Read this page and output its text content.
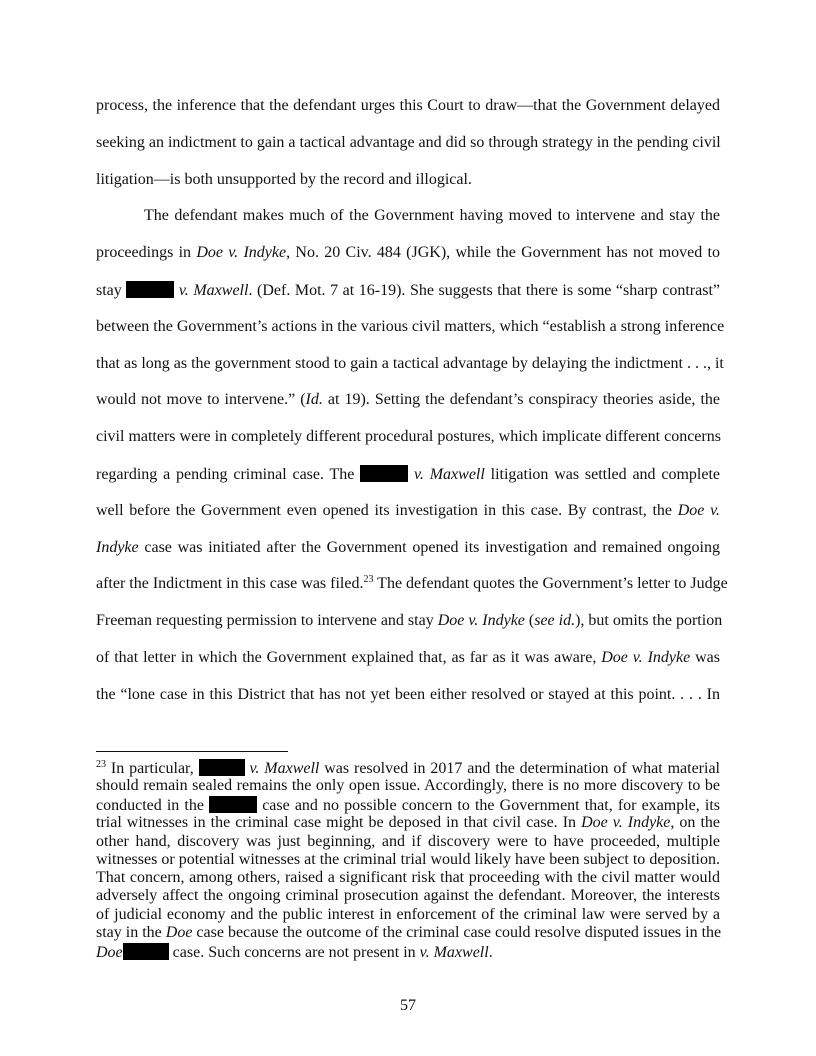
process, the inference that the defendant urges this Court to draw—that the Government delayed
seeking an indictment to gain a tactical advantage and did so through strategy in the pending civil
litigation—is both unsupported by the record and illogical.
The defendant makes much of the Government having moved to intervene and stay the
proceedings in Doe v. Indyke, No. 20 Civ. 484 (JGK), while the Government has not moved to
stay	v. Maxwell. (Def. Mot. 7 at 16-19). She suggests that there is some “sharp contrast”
between the Government’s actions in the various civil matters, which “establish a strong inference
that as long as the government stood to gain a tactical advantage by delaying the indictment . . ., it
would not move to intervene.” (Id. at 19). Setting the defendant’s conspiracy theories aside, the
civil matters were in completely different procedural postures, which implicate different concerns
regarding a pending criminal case. The	v. Maxwell litigation was settled and complete
well before the Government even opened its investigation in this case. By contrast, the Doe v.
Indyke case was initiated after the Government opened its investigation and remained ongoing
after the Indictment in this case was filed.$^{23}$ The defendant quotes the Government’s letter to Judge
Freeman requesting permission to intervene and stay Doe v. Indyke (see id.), but omits the portion
of that letter in which the Government explained that, as far as it was aware, Doe v. Indyke was
the “lone case in this District that has not yet been either resolved or stayed at this point. . . . In
$^{23}$ In particular,	v. Maxwell was resolved in 2017 and the determination of what material
should remain sealed remains the only open issue. Accordingly, there is no more discovery to be
conducted in the	case and no possible concern to the Government that, for example, its
trial witnesses in the criminal case might be deposed in that civil case. In Doe v. Indyke, on the
other hand, discovery was just beginning, and if discovery were to have proceeded, multiple
witnesses or potential witnesses at the criminal trial would likely have been subject to deposition.
That concern, among others, raised a significant risk that proceeding with the civil matter would
adversely affect the ongoing criminal prosecution against the defendant. Moreover, the interests
of judicial economy and the public interest in enforcement of the criminal law were served by a
stay in the Doe case because the outcome of the criminal case could resolve disputed issues in the
Doe	case. Such concerns are not present in v. Maxwell.
57
